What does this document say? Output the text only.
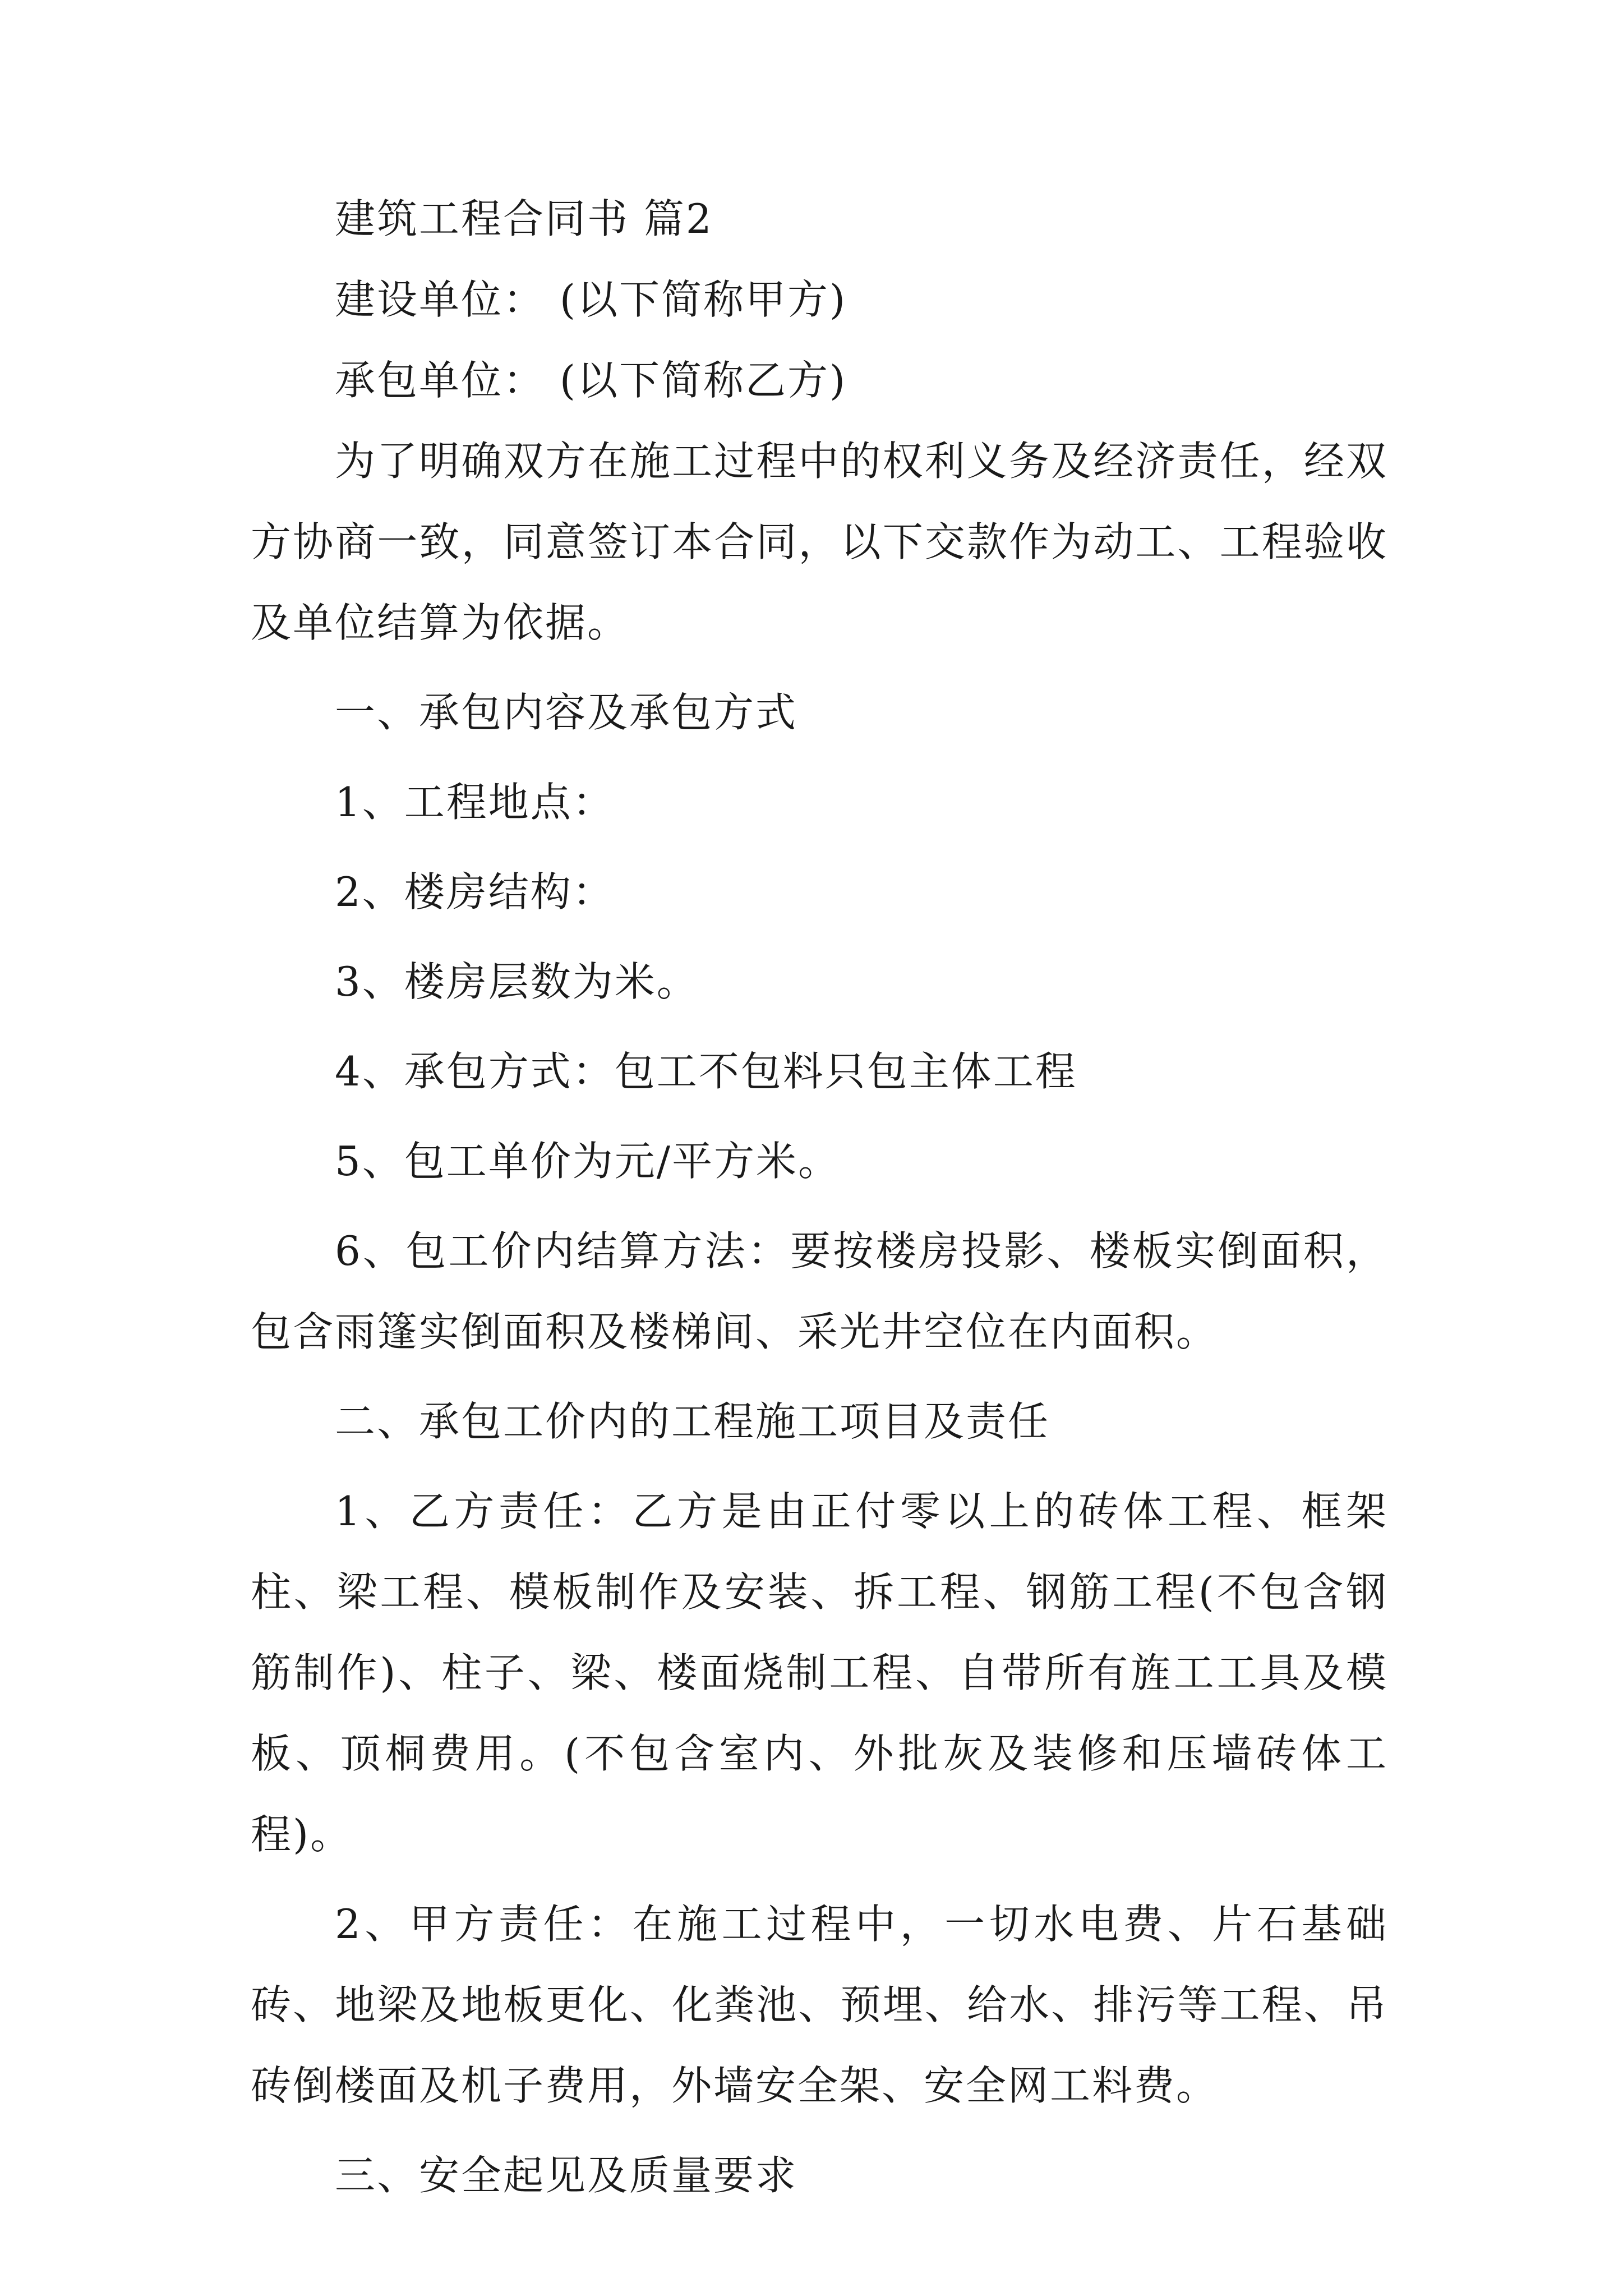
建筑工程合同书 篇2

建设单位： (以下简称甲方)

承包单位： (以下简称乙方)

为了明确双方在施工过程中的权利义务及经济责任，经双方协商一致，同意签订本合同，以下交款作为动工、工程验收及单位结算为依据。

一、承包内容及承包方式

1、工程地点：

2、楼房结构：

3、楼房层数为米。

4、承包方式：包工不包料只包主体工程

5、包工单价为元/平方米。

6、包工价内结算方法：要按楼房投影、楼板实倒面积，包含雨篷实倒面积及楼梯间、采光井空位在内面积。

二、承包工价内的工程施工项目及责任

1、乙方责任：乙方是由正付零以上的砖体工程、框架柱、梁工程、模板制作及安装、拆工程、钢筋工程(不包含钢筋制作)、柱子、梁、楼面烧制工程、自带所有旌工工具及模板、顶桐费用。(不包含室内、外批灰及装修和压墙砖体工程)。

2、甲方责任：在施工过程中，一切水电费、片石基础砖、地梁及地板更化、化粪池、预埋、给水、排污等工程、吊砖倒楼面及机子费用，外墙安全架、安全网工料费。

三、安全起见及质量要求
